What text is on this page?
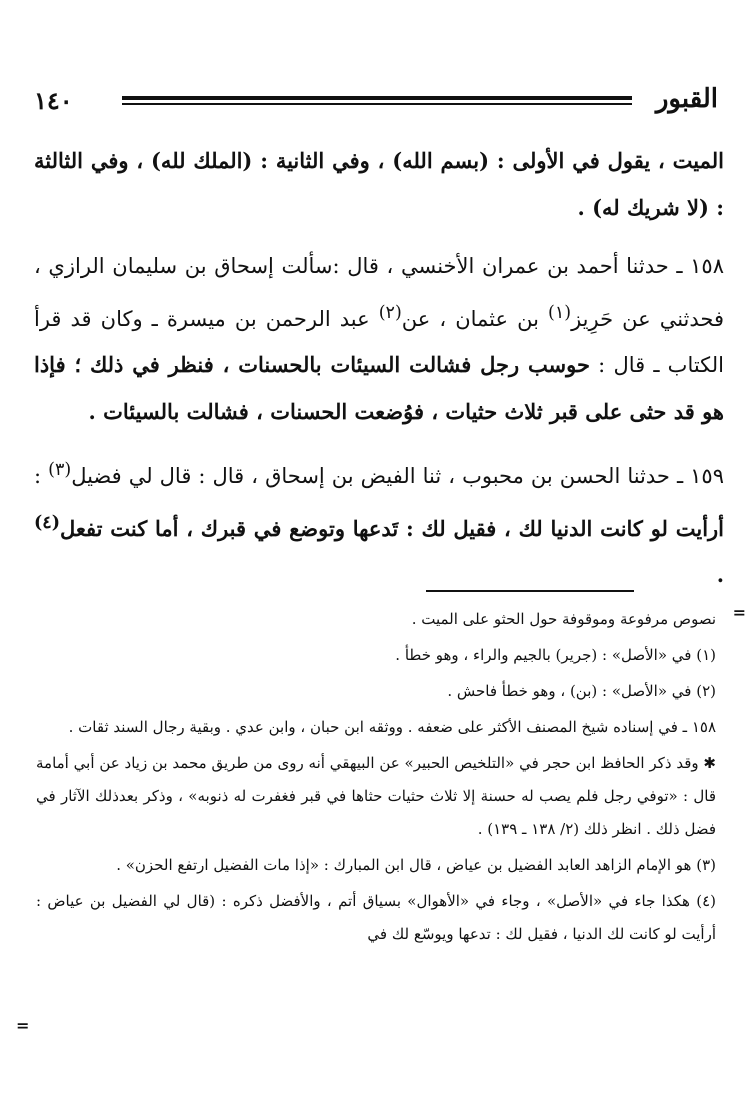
١٤٠	القبور

الميت ، يقول في الأولى : (بسم الله) ، وفي الثانية : (الملك لله) ، وفي الثالثة : (لا شريك له) .

١٥٨ ـ حدثنا أحمد بن عمران الأخنسي ، قال :سألت إسحاق بن سليمان الرازي ، فحدثني عن حَرِيز$^{(١)}$ بن عثمان ، عن$^{(٢)}$ عبد الرحمن بن ميسرة ـ وكان قد قرأ الكتاب ـ قال : حوسب رجل فشالت السيئات بالحسنات ، فنظر في ذلك ؛ فإذا هو قد حثى على قبر ثلاث حثيات ، فوُضعت الحسنات ، فشالت بالسيئات .

١٥٩ ـ حدثنا الحسن بن محبوب ، ثنا الفيض بن إسحاق ، قال : قال لي فضيل$^{(٣)}$ : أرأيت لو كانت الدنيا لك ، فقيل لك : تَدعها وتوضع في قبرك ، أما كنت تفعل$^{(٤)}$ .

=

نصوص مرفوعة وموقوفة حول الحثو على الميت .

(١) في «الأصل» : (جرير) بالجيم والراء ، وهو خطأ .

(٢) في «الأصل» : (بن) ، وهو خطأ فاحش .

١٥٨ ـ في إسناده شيخ المصنف الأكثر على ضعفه . ووثقه ابن حبان ، وابن عدي . وبقية رجال السند ثقات .

✱ وقد ذكر الحافظ ابن حجر في «التلخيص الحبير» عن البيهقي أنه روى من طريق محمد بن زياد عن أبي أمامة قال : «توفي رجل فلم يصب له حسنة إلا ثلاث حثيات حثاها في قبر فغفرت له ذنوبه» ، وذكر بعدذلك الآثار في فضل ذلك . انظر ذلك (٢/ ١٣٨ ـ ١٣٩) .

(٣) هو الإمام الزاهد العابد الفضيل بن عياض ، قال ابن المبارك : «إذا مات الفضيل ارتفع الحزن» .

(٤) هكذا جاء في «الأصل» ، وجاء في «الأهوال» بسياق أتم ، والأفضل ذكره : (قال لي الفضيل بن عياض : أرأيت لو كانت لك الدنيا ، فقيل لك : تدعها ويوسّع لك في

=
